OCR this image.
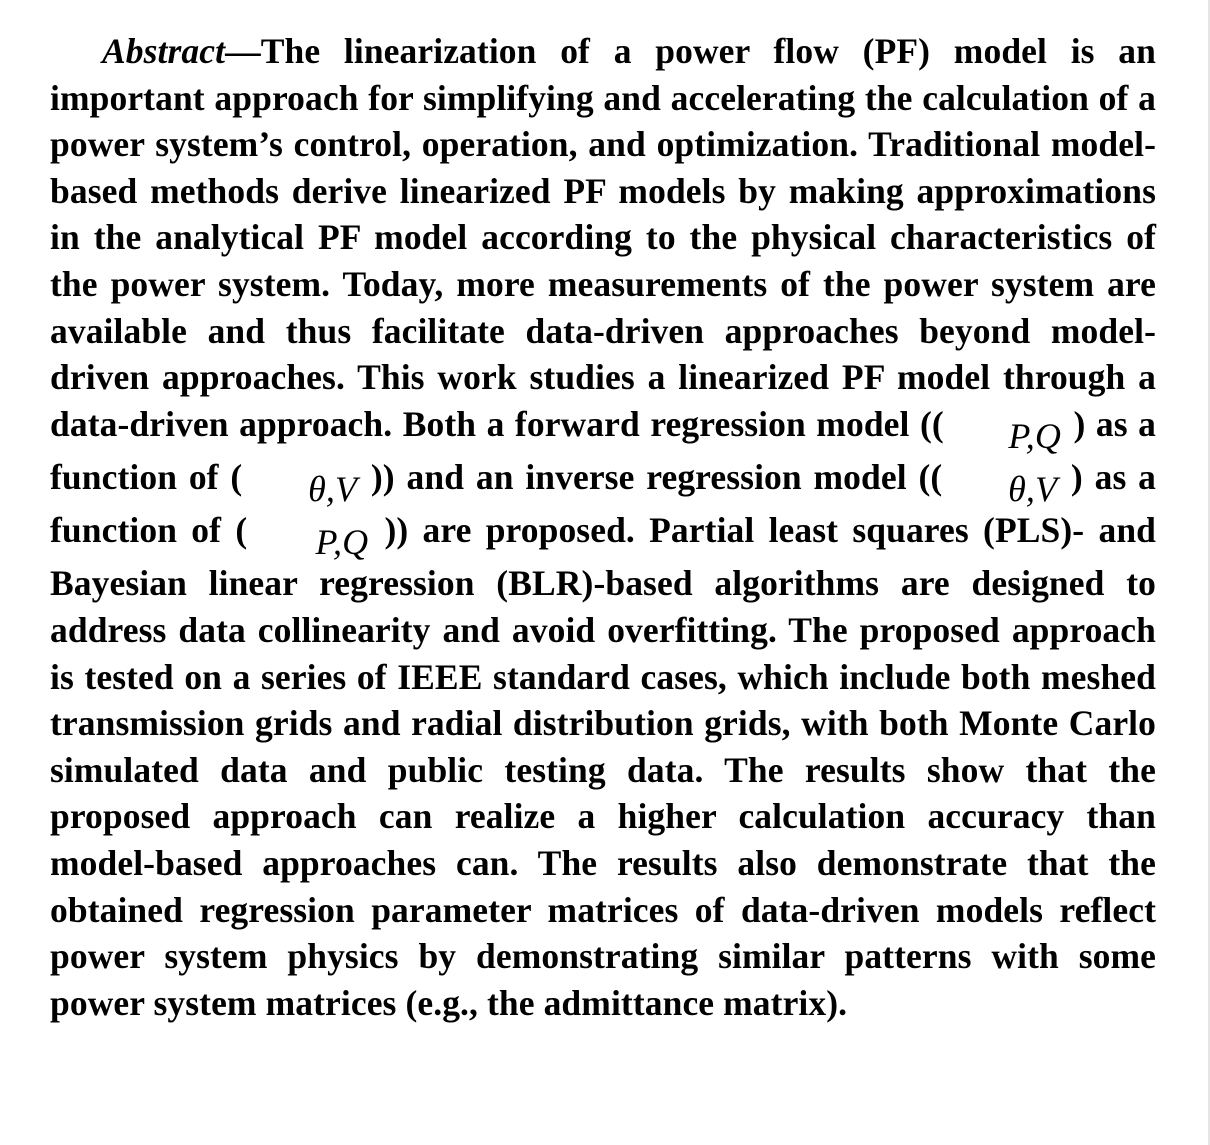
Abstract—The linearization of a power flow (PF) model is an important approach for simplifying and accelerating the calculation of a power system’s control, operation, and optimization. Traditional model-based methods derive linearized PF models by making approximations in the analytical PF model according to the physical characteristics of the power system. Today, more measurements of the power system are available and thus facilitate data-driven approaches beyond model-driven approaches. This work studies a linearized PF model through a data-driven approach. Both a forward regression model (( P,Q ) as a function of ( θ,V )) and an inverse regression model (( θ,V ) as a function of ( P,Q )) are proposed. Partial least squares (PLS)- and Bayesian linear regression (BLR)-based algorithms are designed to address data collinearity and avoid overfitting. The proposed approach is tested on a series of IEEE standard cases, which include both meshed transmission grids and radial distribution grids, with both Monte Carlo simulated data and public testing data. The results show that the proposed approach can realize a higher calculation accuracy than model-based approaches can. The results also demonstrate that the obtained regression parameter matrices of data-driven models reflect power system physics by demonstrating similar patterns with some power system matrices (e.g., the admittance matrix).
